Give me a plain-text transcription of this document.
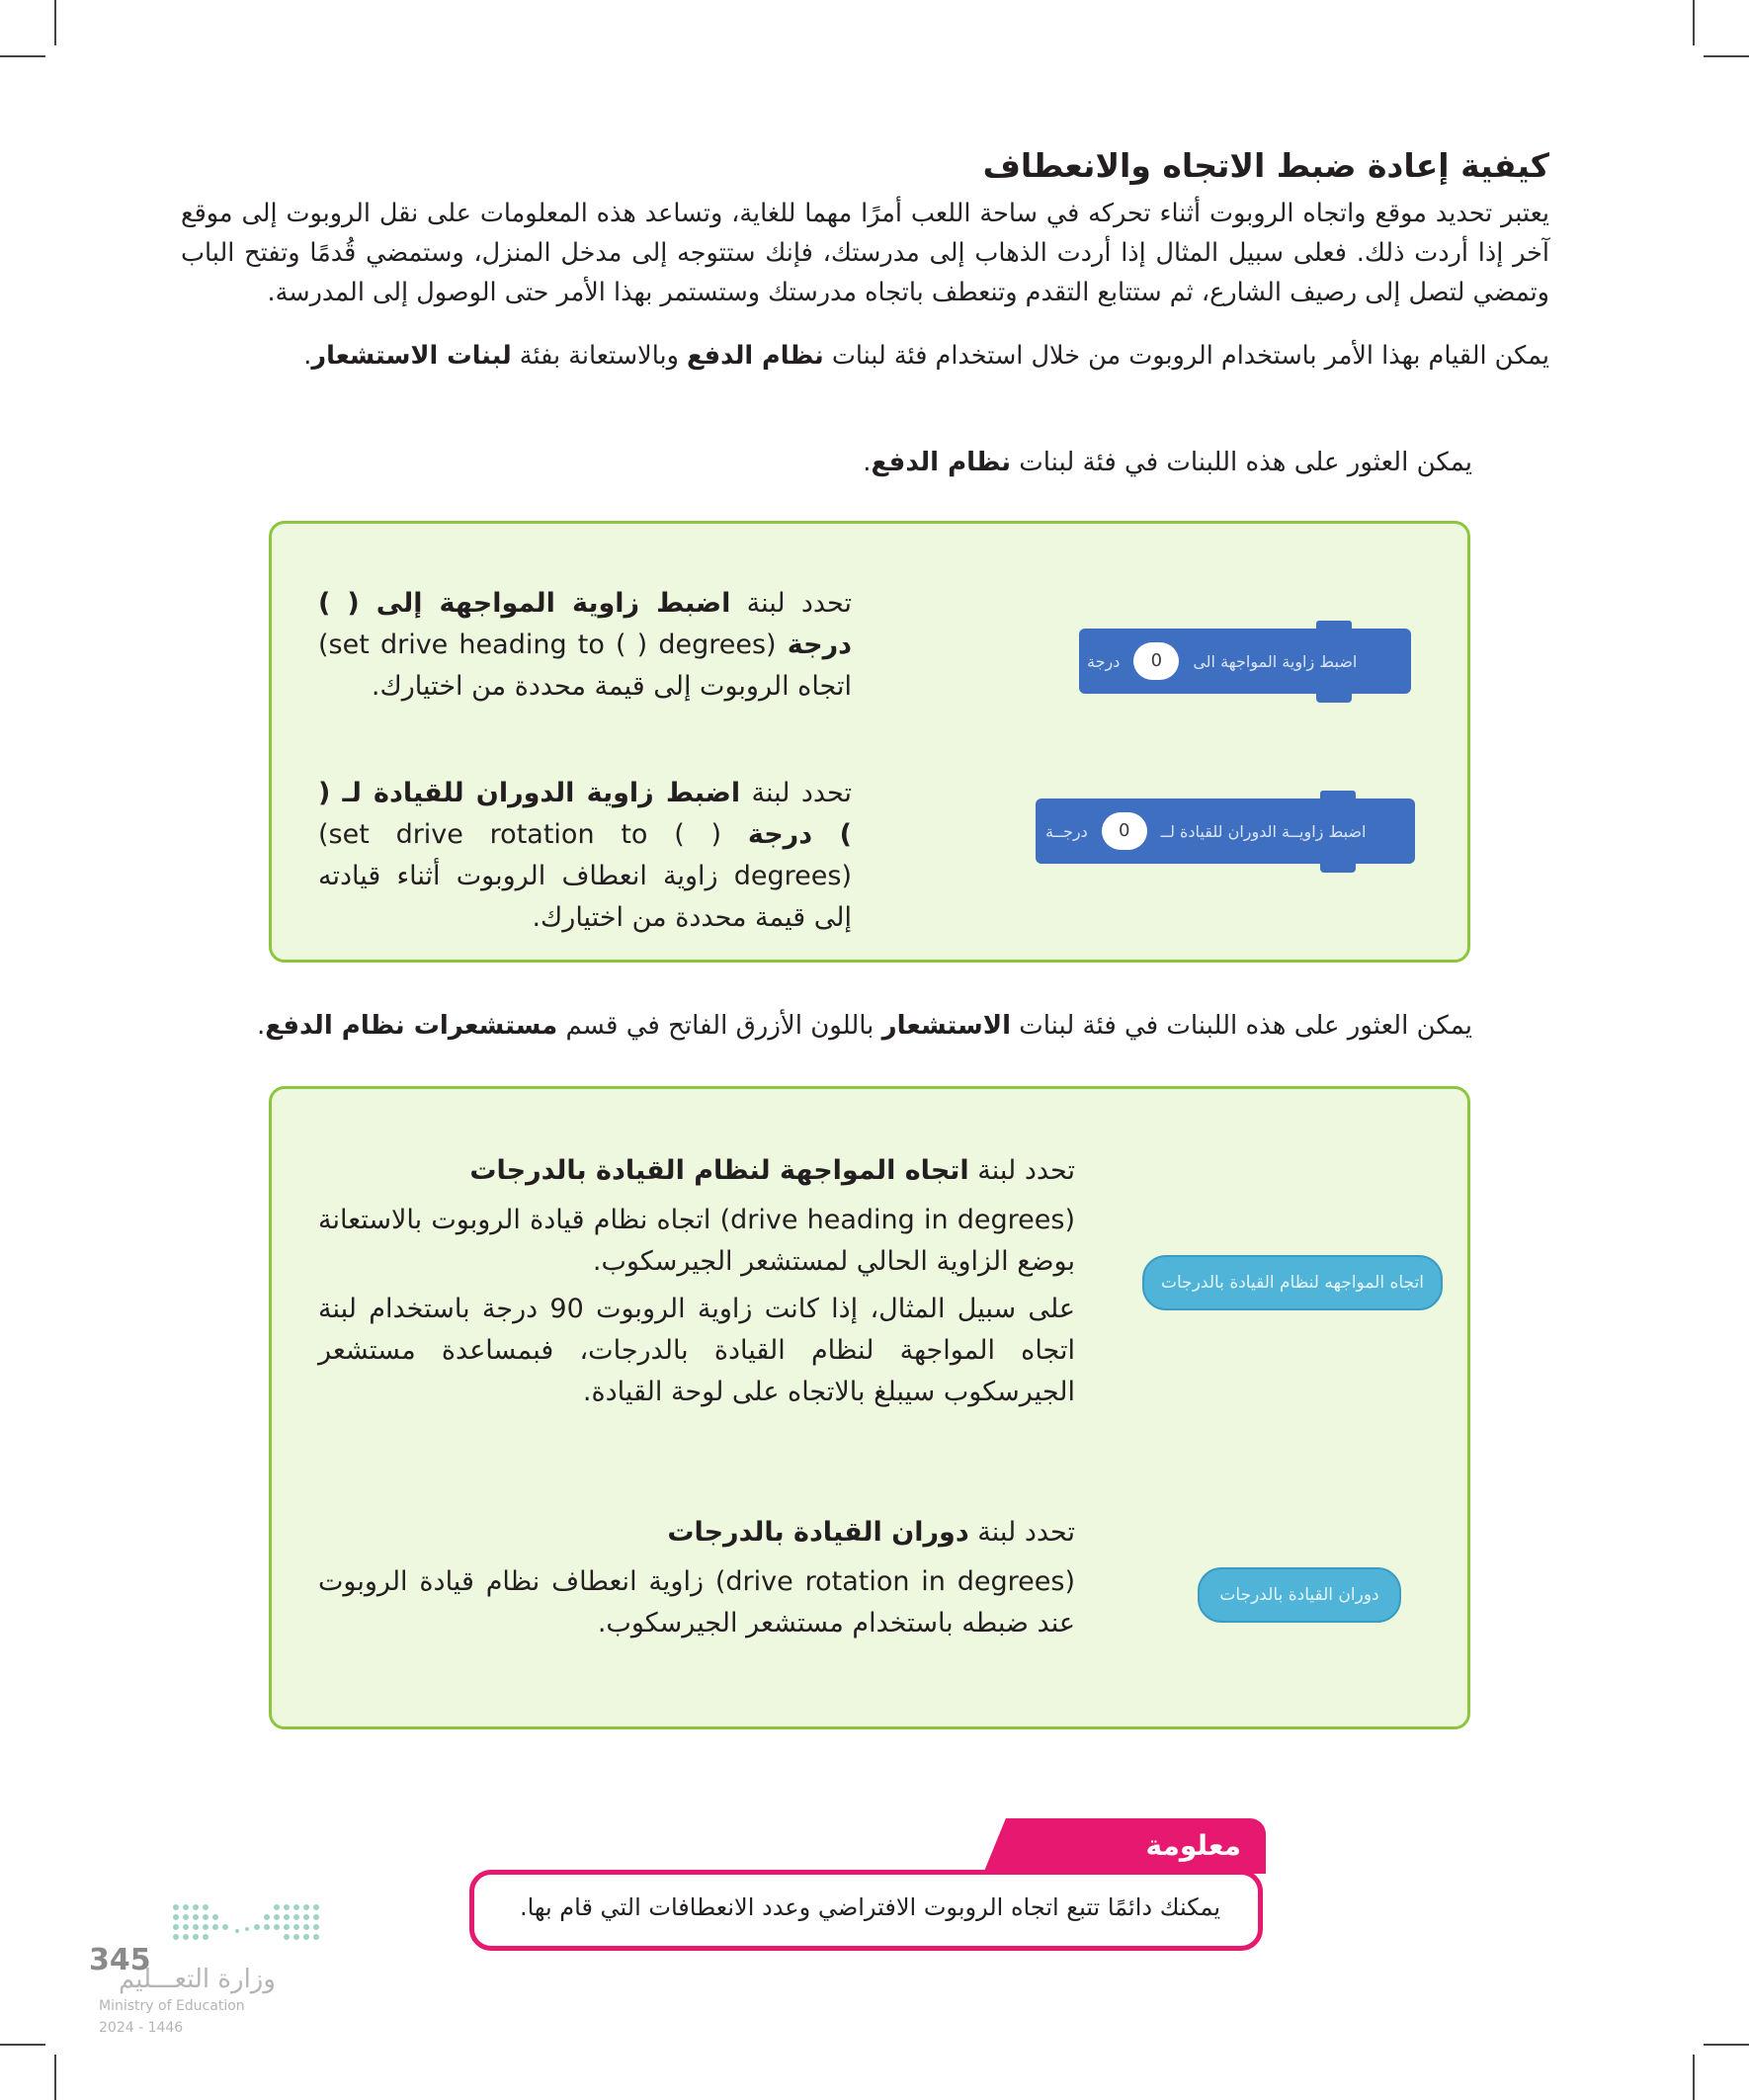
كيفية إعادة ضبط الاتجاه والانعطاف
يعتبر تحديد موقع واتجاه الروبوت أثناء تحركه في ساحة اللعب أمرًا مهما للغاية، وتساعد هذه المعلومات على نقل الروبوت إلى موقع آخر إذا أردت ذلك. فعلى سبيل المثال إذا أردت الذهاب إلى مدرستك، فإنك ستتوجه إلى مدخل المنزل، وستمضي قُدمًا وتفتح الباب وتمضي لتصل إلى رصيف الشارع، ثم ستتابع التقدم وتنعطف باتجاه مدرستك وستستمر بهذا الأمر حتى الوصول إلى المدرسة.
يمكن القيام بهذا الأمر باستخدام الروبوت من خلال استخدام فئة لبنات نظام الدفع وبالاستعانة بفئة لبنات الاستشعار.
يمكن العثور على هذه اللبنات في فئة لبنات نظام الدفع.

تحدد لبنة اضبط زاوية المواجهة إلى ( ) درجة (set drive heading to ( ) degrees) اتجاه الروبوت إلى قيمة محددة من اختيارك.

اضبط زاوية المواجهة الى
0
درجة

تحدد لبنة اضبط زاوية الدوران للقيادة لـ ( ) درجة (set drive rotation to ( ) degrees) زاوية انعطاف الروبوت أثناء قيادته إلى قيمة محددة من اختيارك.

اضبط زاويــة الدوران للقيادة لــ
0
درجــة
يمكن العثور على هذه اللبنات في فئة لبنات الاستشعار باللون الأزرق الفاتح في قسم مستشعرات نظام الدفع.

تحدد لبنة اتجاه المواجهة لنظام القيادة بالدرجات

(drive heading in degrees) اتجاه نظام قيادة الروبوت بالاستعانة بوضع الزاوية الحالي لمستشعر الجيرسكوب.

على سبيل المثال، إذا كانت زاوية الروبوت 90 درجة باستخدام لبنة اتجاه المواجهة لنظام القيادة بالدرجات، فبمساعدة مستشعر الجيرسكوب سيبلغ بالاتجاه على لوحة القيادة.

اتجاه المواجهه لنظام القيادة بالدرجات

تحدد لبنة دوران القيادة بالدرجات

(drive rotation in degrees) زاوية انعطاف نظام قيادة الروبوت عند ضبطه باستخدام مستشعر الجيرسكوب.

دوران القيادة بالدرجات
معلومة
يمكنك دائمًا تتبع اتجاه الروبوت الافتراضي وعدد الانعطافات التي قام بها.
345
وزارة التعـــليم
Ministry of Education
2024 - 1446
